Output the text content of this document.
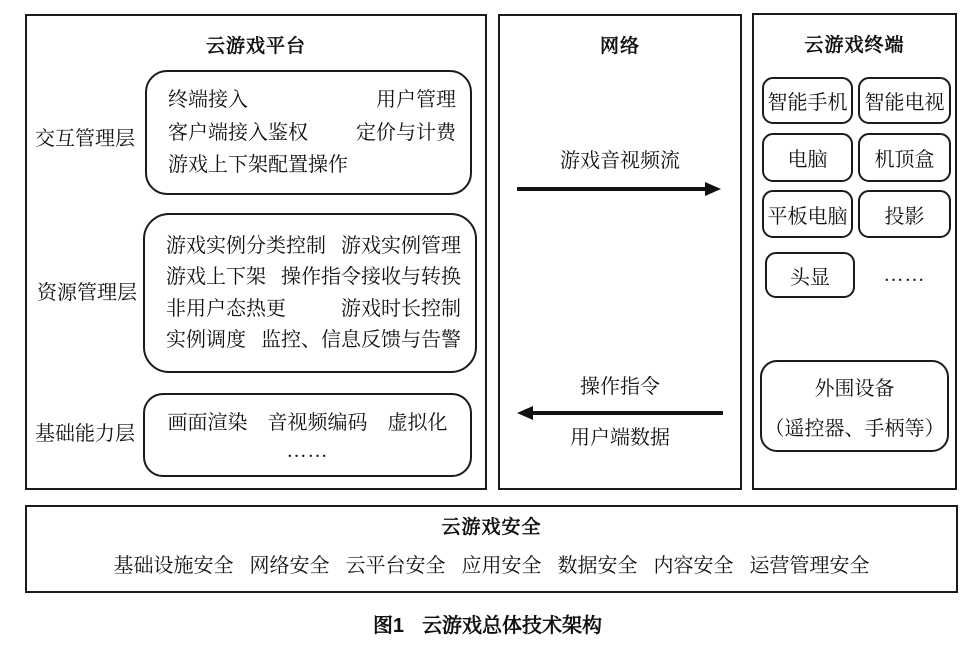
云游戏平台
交互管理层
资源管理层
基础能力层
终端接入	用户管理
客户端接入鉴权 定价与计费
游戏上下架配置操作
游戏实例分类控制 游戏实例管理
游戏上下架 操作指令接收与转换
非用户态热更	游戏时长控制
实例调度 监控、信息反馈与告警
画面渲染 音视频编码 虚拟化
……
网络
游戏音视频流
操作指令
用户端数据
云游戏终端
智能手机 智能电视
电脑	机顶盒
平板电脑	投影
头显	……
外围设备
（遥控器、手柄等）
云游戏安全
基础设施安全 网络安全 云平台安全 应用安全 数据安全 内容安全 运营管理安全
图1 云游戏总体技术架构
